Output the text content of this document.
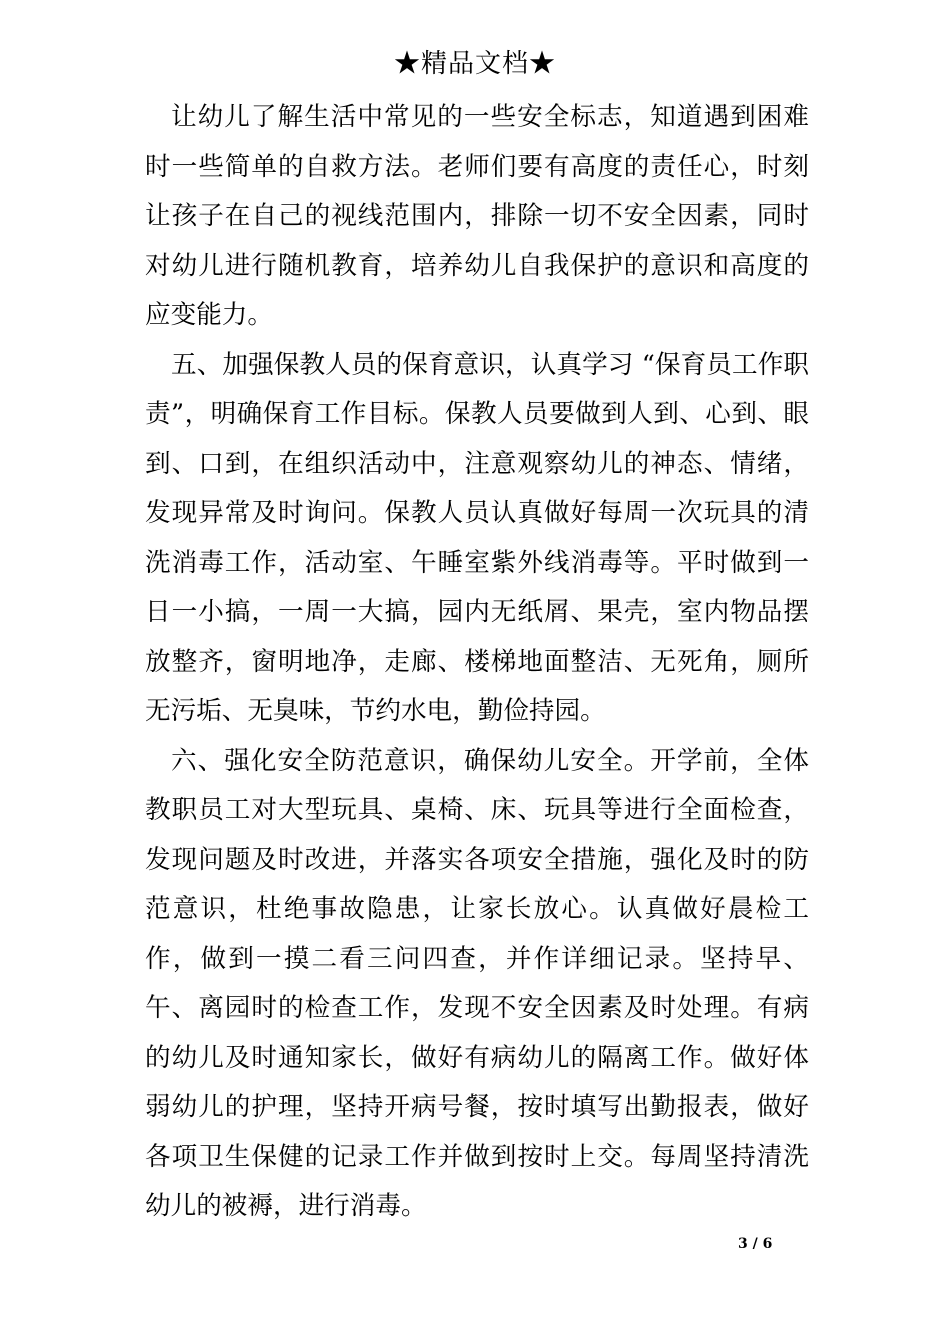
★精品文档★

让幼儿了解生活中常见的一些安全标志，知道遇到困难时一些简单的自救方法。老师们要有高度的责任心，时刻让孩子在自己的视线范围内，排除一切不安全因素，同时对幼儿进行随机教育，培养幼儿自我保护的意识和高度的应变能力。

五、加强保教人员的保育意识，认真学习 “保育员工作职责”，明确保育工作目标。保教人员要做到人到、心到、眼到、口到，在组织活动中，注意观察幼儿的神态、情绪，发现异常及时询问。保教人员认真做好每周一次玩具的清洗消毒工作，活动室、午睡室紫外线消毒等。平时做到一日一小搞，一周一大搞，园内无纸屑、果壳，室内物品摆放整齐，窗明地净，走廊、楼梯地面整洁、无死角，厕所无污垢、无臭味，节约水电，勤俭持园。

六、强化安全防范意识，确保幼儿安全。开学前，全体教职员工对大型玩具、桌椅、床、玩具等进行全面检查，发现问题及时改进，并落实各项安全措施，强化及时的防范意识，杜绝事故隐患，让家长放心。认真做好晨检工作，做到一摸二看三问四查，并作详细记录。坚持早、午、离园时的检查工作，发现不安全因素及时处理。有病的幼儿及时通知家长，做好有病幼儿的隔离工作。做好体弱幼儿的护理，坚持开病号餐，按时填写出勤报表，做好各项卫生保健的记录工作并做到按时上交。每周坚持清洗幼儿的被褥，进行消毒。

3 / 6
